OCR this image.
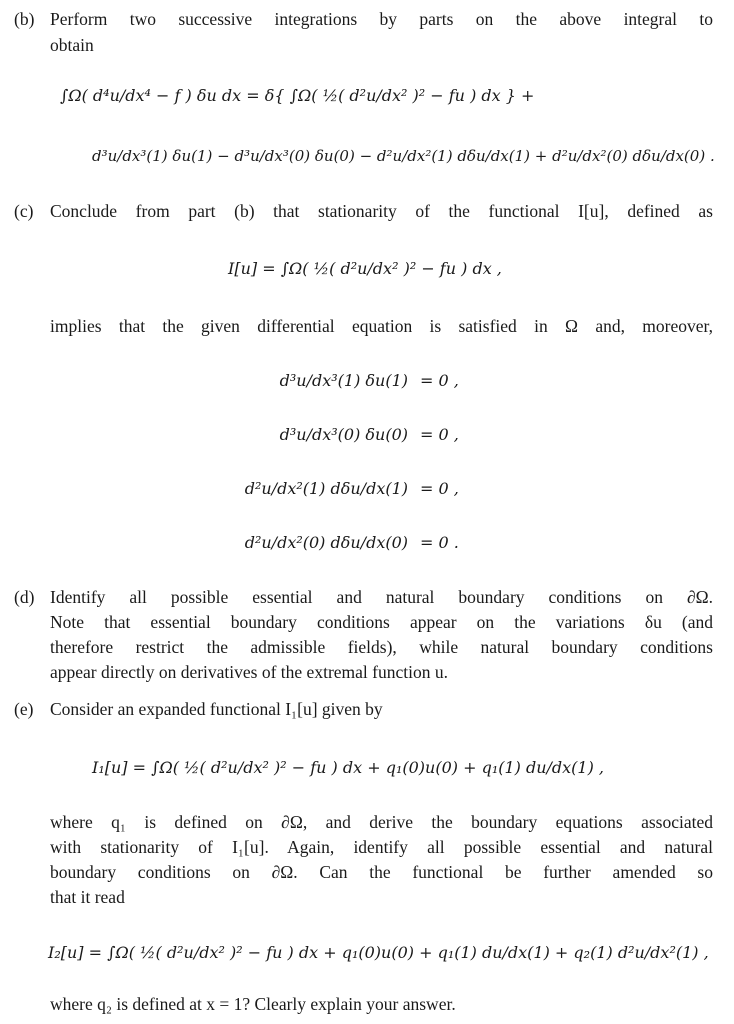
(b) Perform two successive integrations by parts on the above integral to
obtain
∫Ω( d⁴u/dx⁴ − f ) δu dx = δ{ ∫Ω( ½( d²u/dx² )² − fu ) dx } +
d³u/dx³(1) δu(1) − d³u/dx³(0) δu(0) − d²u/dx²(1) dδu/dx(1) + d²u/dx²(0) dδu/dx(0) .
(c) Conclude from part (b) that stationarity of the functional I[u], defined as
I[u] = ∫Ω( ½( d²u/dx² )² − fu ) dx ,
implies that the given differential equation is satisfied in Ω and, moreover,
d³u/dx³(1) δu(1) = 0 ,
d³u/dx³(0) δu(0) = 0 ,
d²u/dx²(1) dδu/dx(1) = 0 ,
d²u/dx²(0) dδu/dx(0) = 0 .
(d) Identify all possible essential and natural boundary conditions on ∂Ω.
Note that essential boundary conditions appear on the variations δu (and
therefore restrict the admissible fields), while natural boundary conditions
appear directly on derivatives of the extremal function u.
(e) Consider an expanded functional I₁[u] given by
I₁[u] = ∫Ω( ½( d²u/dx² )² − fu ) dx + q₁(0)u(0) + q₁(1) du/dx(1) ,
where q₁ is defined on ∂Ω, and derive the boundary equations associated
with stationarity of I₁[u]. Again, identify all possible essential and natural
boundary conditions on ∂Ω. Can the functional be further amended so
that it read
I₂[u] = ∫Ω( ½( d²u/dx² )² − fu ) dx + q₁(0)u(0) + q₁(1) du/dx(1) + q₂(1) d²u/dx²(1) ,
where q₂ is defined at x = 1? Clearly explain your answer.
